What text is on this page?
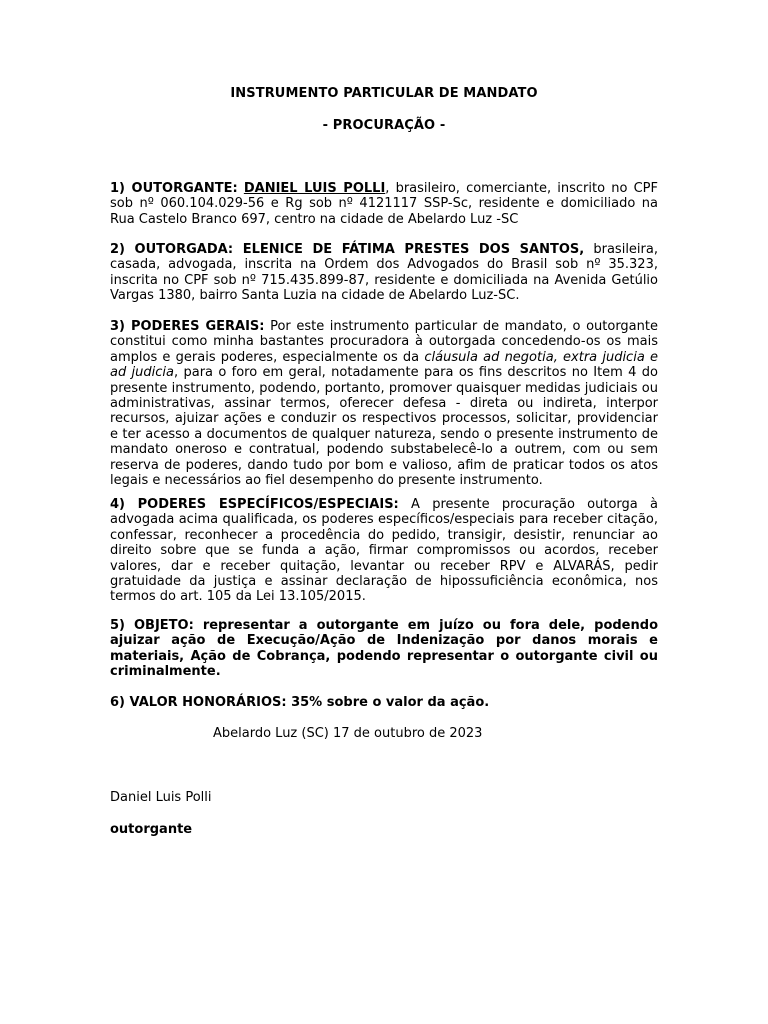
INSTRUMENTO PARTICULAR DE MANDATO
- PROCURAÇÃO -

1) OUTORGANTE: DANIEL LUIS POLLI, brasileiro, comerciante, inscrito no CPF sob nº 060.104.029-56 e Rg sob nº 4121117 SSP-Sc, residente e domiciliado na Rua Castelo Branco 697, centro na cidade de Abelardo Luz -SC

2) OUTORGADA: ELENICE DE FÁTIMA PRESTES DOS SANTOS, brasileira, casada, advogada, inscrita na Ordem dos Advogados do Brasil sob nº 35.323, inscrita no CPF sob nº 715.435.899-87, residente e domiciliada na Avenida Getúlio Vargas 1380, bairro Santa Luzia na cidade de Abelardo Luz-SC.

3) PODERES GERAIS: Por este instrumento particular de mandato, o outorgante constitui como minha bastantes procuradora à outorgada concedendo-os os mais amplos e gerais poderes, especialmente os da cláusula ad negotia, extra judicia e ad judicia, para o foro em geral, notadamente para os fins descritos no Item 4 do presente instrumento, podendo, portanto, promover quaisquer medidas judiciais ou administrativas, assinar termos, oferecer defesa - direta ou indireta, interpor recursos, ajuizar ações e conduzir os respectivos processos, solicitar, providenciar e ter acesso a documentos de qualquer natureza, sendo o presente instrumento de mandato oneroso e contratual, podendo substabelecê-lo a outrem, com ou sem reserva de poderes, dando tudo por bom e valioso, afim de praticar todos os atos legais e necessários ao fiel desempenho do presente instrumento.

4) PODERES ESPECÍFICOS/ESPECIAIS: A presente procuração outorga à advogada acima qualificada, os poderes específicos/especiais para receber citação, confessar, reconhecer a procedência do pedido, transigir, desistir, renunciar ao direito sobre que se funda a ação, firmar compromissos ou acordos, receber valores, dar e receber quitação, levantar ou receber RPV e ALVARÁS, pedir gratuidade da justiça e assinar declaração de hipossuficiência econômica, nos termos do art. 105 da Lei 13.105/2015.

5) OBJETO: representar a outorgante em juízo ou fora dele, podendo ajuizar ação de Execução/Ação de Indenização por danos morais e materiais, Ação de Cobrança, podendo representar o outorgante civil ou criminalmente.

6) VALOR HONORÁRIOS: 35% sobre o valor da ação.

Abelardo Luz (SC) 17 de outubro de 2023
Daniel Luis Polli
outorgante
